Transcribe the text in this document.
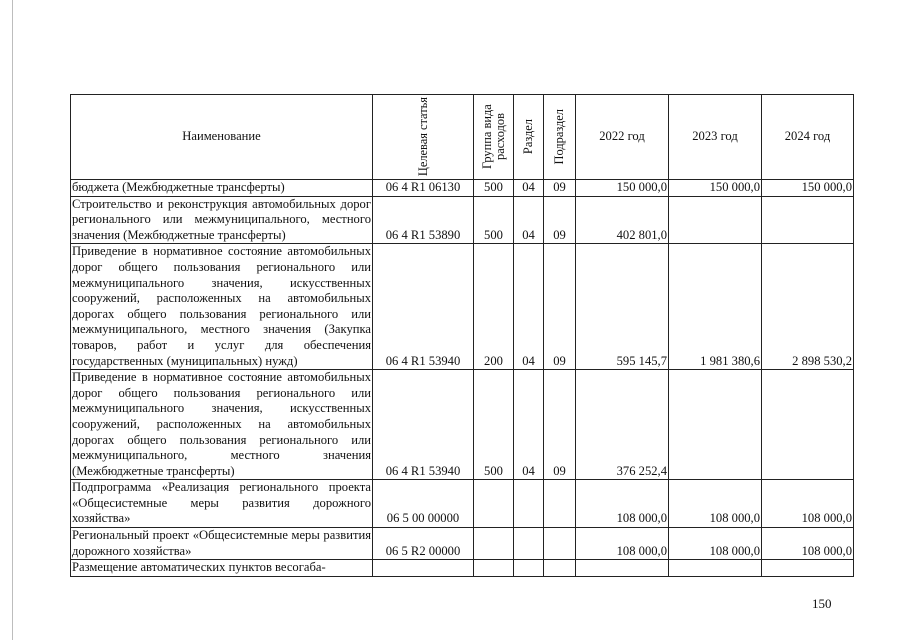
Наименование	Целевая статья	Группа вида расходов	Раздел	Подраздел	2022 год	2023 год	2024 год
бюджета (Межбюджетные трансферты)	06 4 R1 06130	500	04	09	150 000,0	150 000,0	150 000,0
Строительство и реконструкция автомобильных дорог регионального или межмуниципального, местного значения (Межбюджетные трансферты)	06 4 R1 53890	500	04	09	402 801,0		
Приведение в нормативное состояние автомобильных дорог общего пользования регионального или межмуниципального значения, искусственных сооружений, расположенных на автомобильных дорогах общего пользования регионального или межмуниципального, местного значения (Закупка товаров, работ и услуг для обеспечения государственных (муниципальных) нужд)	06 4 R1 53940	200	04	09	595 145,7	1 981 380,6	2 898 530,2
Приведение в нормативное состояние автомобильных дорог общего пользования регионального или межмуниципального значения, искусственных сооружений, расположенных на автомобильных дорогах общего пользования регионального или межмуниципального, местного значения (Межбюджетные трансферты)	06 4 R1 53940	500	04	09	376 252,4		
Подпрограмма «Реализация регионального проекта «Общесистемные меры развития дорожного хозяйства»	06 5 00 00000				108 000,0	108 000,0	108 000,0
Региональный проект «Общесистемные меры развития дорожного хозяйства»	06 5 R2 00000				108 000,0	108 000,0	108 000,0
Размещение автоматических пунктов весогаба-							
150
